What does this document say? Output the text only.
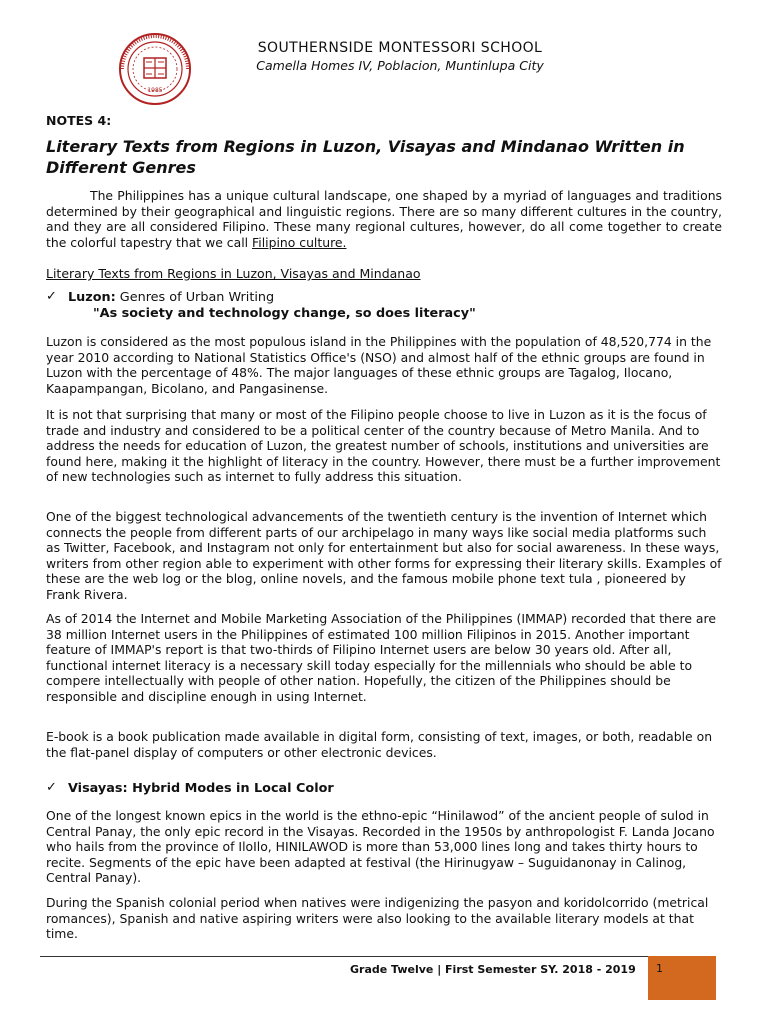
1985
SOUTHERNSIDE MONTESSORI SCHOOL
Camella Homes IV, Poblacion, Muntinlupa City
NOTES 4:
Literary Texts from Regions in Luzon, Visayas and Mindanao Written in Different Genres

The Philippines has a unique cultural landscape, one shaped by a myriad of languages and traditions determined by their geographical and linguistic regions. There are so many different cultures in the country, and they are all considered Filipino. These many regional cultures, however, do all come together to create the colorful tapestry that we call Filipino culture.

Literary Texts from Regions in Luzon, Visayas and Mindanao
✓ Luzon: Genres of Urban Writing
"As society and technology change, so does literacy"

Luzon is considered as the most populous island in the Philippines with the population of 48,520,774 in the year 2010 according to National Statistics Office's (NSO) and almost half of the ethnic groups are found in Luzon with the percentage of 48%. The major languages of these ethnic groups are Tagalog, Ilocano, Kaapampangan, Bicolano, and Pangasinense.

It is not that surprising that many or most of the Filipino people choose to live in Luzon as it is the focus of trade and industry and considered to be a political center of the country because of Metro Manila. And to address the needs for education of Luzon, the greatest number of schools, institutions and universities are found here, making it the highlight of literacy in the country. However, there must be a further improvement of new technologies such as internet to fully address this situation.

One of the biggest technological advancements of the twentieth century is the invention of Internet which connects the people from different parts of our archipelago in many ways like social media platforms such as Twitter, Facebook, and Instagram not only for entertainment but also for social awareness. In these ways, writers from other region able to experiment with other forms for expressing their literary skills. Examples of these are the web log or the blog, online novels, and the famous mobile phone text tula , pioneered by Frank Rivera.

As of 2014 the Internet and Mobile Marketing Association of the Philippines (IMMAP) recorded that there are 38 million Internet users in the Philippines of estimated 100 million Filipinos in 2015. Another important feature of IMMAP's report is that two-thirds of Filipino Internet users are below 30 years old. After all, functional internet literacy is a necessary skill today especially for the millennials who should be able to compere intellectually with people of other nation. Hopefully, the citizen of the Philippines should be responsible and discipline enough in using Internet.

E-book is a book publication made available in digital form, consisting of text, images, or both, readable on the flat-panel display of computers or other electronic devices.

✓ Visayas: Hybrid Modes in Local Color

One of the longest known epics in the world is the ethno-epic “Hinilawod” of the ancient people of sulod in Central Panay, the only epic record in the Visayas. Recorded in the 1950s by anthropologist F. Landa Jocano who hails from the province of IloIlo, HINILAWOD is more than 53,000 lines long and takes thirty hours to recite. Segments of the epic have been adapted at festival (the Hirinugyaw – Suguidanonay in Calinog, Central Panay).

During the Spanish colonial period when natives were indigenizing the pasyon and koridolcorrido (metrical romances), Spanish and native aspiring writers were also looking to the available literary models at that time.

Grade Twelve | First Semester SY. 2018 - 2019 1
